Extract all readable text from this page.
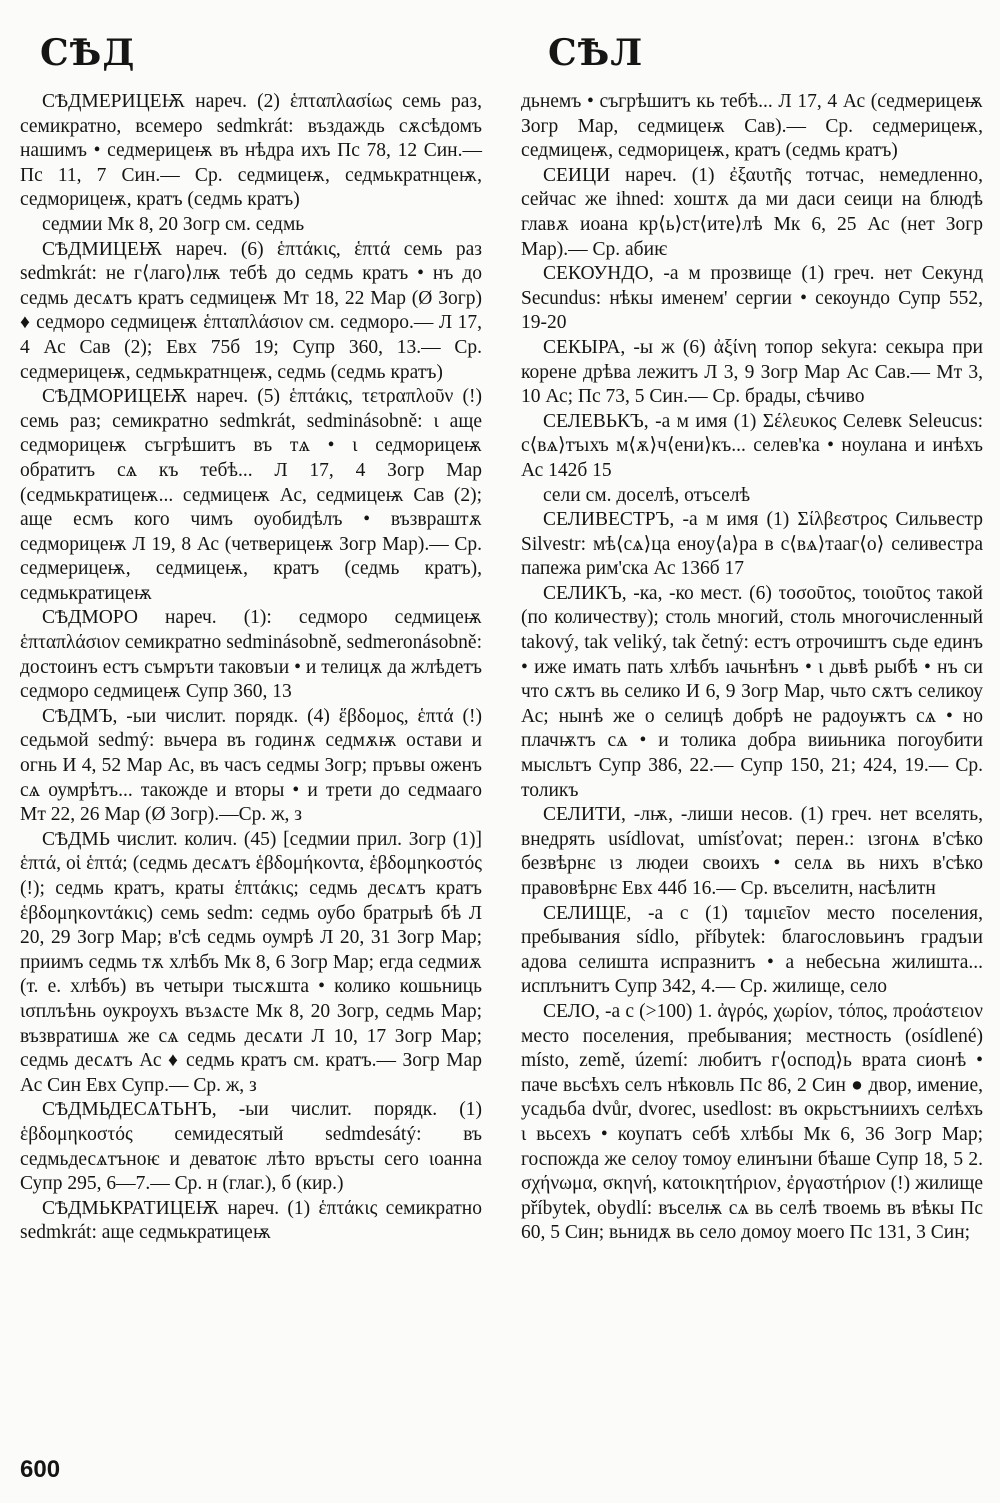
СѢД	СѢЛ

СѢДМЕРИЦЕѬ нареч. (2) ἑπταπλασίως семь раз, семикратно, всемеро sedmkrát: въздаждь сѫсѣдомъ нашимъ • седмерицеѭ въ нѣдра ихъ Пс 78, 12 Син.— Пс 11, 7 Син.— Ср. седмицеѭ, седмькратнцеѭ, седморицеѭ, кратъ (седмь кратъ)

седмии Мк 8, 20 Зогр см. седмь

СѢДМИЦЕѬ нареч. (6) ἑπτάκις, ἑπτά семь раз sedmkrát: не г⟨лаго⟩лѭ тебѣ до седмь кратъ • нъ до седмь десѧтъ кратъ седмицеѭ Мт 18, 22 Мар (Ø Зогр) ♦ седморо седмицеѭ ἑπταπλάσιον см. седморо.— Л 17, 4 Ас Сав (2); Евх 75б 19; Супр 360, 13.— Ср. седмерицеѭ, седмькратнцеѭ, седмь (седмь кратъ)

СѢДМОРИЦЕѬ нареч. (5) ἑπτάκις, τετραπλοῦν (!) семь раз; семикратно sedmkrát, sedminásobně: ι аще седморицеѭ съгрѣшитъ въ тѧ • ι седморицеѭ обратитъ сѧ къ тебѣ... Л 17, 4 Зогр Мар (седмькратицеѭ... седмицеѭ Ас, седмицеѭ Сав (2); аще есмъ кого чимъ оуобидѣлъ • възвраштѫ седморицеѭ Л 19, 8 Ас (четверицеѭ Зогр Мар).— Ср. седмерицеѭ, седмицеѭ, кратъ (седмь кратъ), седмькратицеѭ

СѢДМОРО нареч. (1): седморо седмицеѭ ἑπταπλάσιον семикратно sedminásobně, sedmeronásobně: достоинъ естъ съмръти таковъıи • и телицѫ да жлѣдетъ седморо седмицеѭ Супр 360, 13

СѢДМЪ, -ыи числит. порядк. (4) ἕβδομος, ἑπτά (!) седьмой sedmý: вьчера въ годинѫ седмѫѭ остави и огнь И 4, 52 Мар Ас, въ часъ седмы Зогр; пръвы оженъ сѧ оумрѣтъ... такожде и вторы • и трети до седмааго Мт 22, 26 Мар (Ø Зогр).—Ср. ж, з

СѢДМЬ числит. колич. (45) [седмии прил. Зогр (1)] ἑπτά, οἱ ἑπτά; (седмь десѧтъ ἑβδομήκοντα, ἑβδομηκοστός (!); седмь кратъ, краты ἑπτάκις; седмь десѧтъ кратъ ἑβδομηκοντάκις) семь sedm: седмь оубо братрыѣ бѣ Л 20, 29 Зогр Мар; в'сѣ седмь оумрѣ Л 20, 31 Зогр Мар; приимъ седмь тѫ хлѣбъ Мк 8, 6 Зогр Мар; егда седмиѫ (т. е. хлѣбъ) въ четыри тысѫшта • колико кошьниць ισплъѣнь оукроухъ възѧсте Мк 8, 20 Зогр, седмь Мар; възвратишѧ же сѧ седмь десѧти Л 10, 17 Зогр Мар; седмь десѧтъ Ас ♦ седмь кратъ см. кратъ.— Зогр Мар Ас Син Евх Супр.— Ср. ж, з

СѢДМЬДЕСѦТЬНЪ, -ыи числит. порядк. (1) ἑβδομηκοστός семидесятый sedmdesátý: въ седмьдесѧтъноѥ и деватоѥ лѣто връсты сего ιоанна Супр 295, 6—7.— Ср. н (глаг.), б (кир.)

СѢДМЬКРАТИЦЕѬ нареч. (1) ἑπτάκις семикратно sedmkrát: аще седмькратицеѭ

дьнемъ • съгрѣшитъ кь тебѣ... Л 17, 4 Ас (седмерицеѭ Зогр Мар, седмицеѭ Сав).— Ср. седмерицеѭ, седмицеѭ, седморицеѭ, кратъ (седмь кратъ)

СЕИЦИ нареч. (1) ἐξαυτῆς тотчас, немедленно, сейчас же ihned: хоштѫ да ми даси сеици на блюдѣ главѫ иоана кр⟨ь⟩ст⟨ите⟩лѣ Мк 6, 25 Ас (нет Зогр Мар).— Ср. абиѥ

СЕКОУНДО, -а м прозвище (1) греч. нет Секунд Secundus: нѣкы именем' сергии • секоундо Супр 552, 19-20

СЕКЫРА, -ы ж (6) ἀξίνη топор sekyra: секыра при корене дрѣва лежитъ Л 3, 9 Зогр Мар Ас Сав.— Мт 3, 10 Ас; Пс 73, 5 Син.— Ср. брады, сѣчиво

СЕЛЕВЬКЪ, -а м имя (1) Σέλευκος Селевк Seleucus: с⟨вѧ⟩тъıхъ м⟨ѫ⟩ч⟨ени⟩къ... селев'ка • ноулана и инѣхъ Ас 142б 15

сели см. доселѣ, отъселѣ

СЕЛИВЕСТРЪ, -а м имя (1) Σίλβεστρος Сильвестр Silvestr: мѣ⟨сѧ⟩ца еноу⟨а⟩ра в с⟨вѧ⟩тааг⟨о⟩ селивестра папежа рим'ска Ас 136б 17

СЕЛИКЪ, -ка, -ко мест. (6) τοσοῦτος, τοιοῦτος такой (по количеству); столь многий, столь многочисленный takový, tak veliký, tak četný: естъ отрочиштъ сьде единъ • иже имать пать хлѣбъ ıачьнѣнъ • ι дьвѣ рыбѣ • нъ си что сѫтъ вь селико И 6, 9 Зогр Мар, чьто сѫтъ селикоу Ас; нынѣ же о селицѣ добрѣ не радоуѭтъ сѧ • но плачѭтъ сѧ • и толика добра вииьника погоубити мысльтъ Супр 386, 22.— Супр 150, 21; 424, 19.— Ср. толикъ

СЕЛИТИ, -лѭ, -лиши несов. (1) греч. нет вселять, внедрять usídlovat, umísťovat; перен.: ιзгонѧ в'сѣко безвѣрнє ιз людеи своихъ • селѧ вь нихъ в'сѣко правовѣрнє Евх 44б 16.— Ср. въселитн, насѣлитн

СЕЛИЩЕ, -а с (1) ταμιεῖον место поселения, пребывания sídlo, příbytek: благословьинъ градъıи адова селишта испразнитъ • а небесьна жилишта... исплънитъ Супр 342, 4.— Ср. жилище, село

СЕЛО, -а с (>100) 1. ἀγρός, χωρίον, τόπος, προάστειον место поселения, пребывания; местность (osídlené) místo, země, území: любитъ г⟨оспод⟩ь врата сионѣ • паче вьсѣхъ селъ нѣковль Пс 86, 2 Син ● двор, имение, усадьба dvůr, dvorec, usedlost: въ окрьстъниихъ селѣхъ ι вьсехъ • коупатъ себѣ хлѣбы Мк 6, 36 Зогр Мар; госпожда же селоу томоу елинъıни бѣаше Супр 18, 5 2. σχήνωμα, σκηνή, κατοικητήριον, ἐργαστήριον (!) жилище příbytek, obydlí: въселѭ сѧ вь селѣ твоемь въ вѣкы Пс 60, 5 Син; вьнидѫ вь село домоу моего Пс 131, 3 Син;

600
